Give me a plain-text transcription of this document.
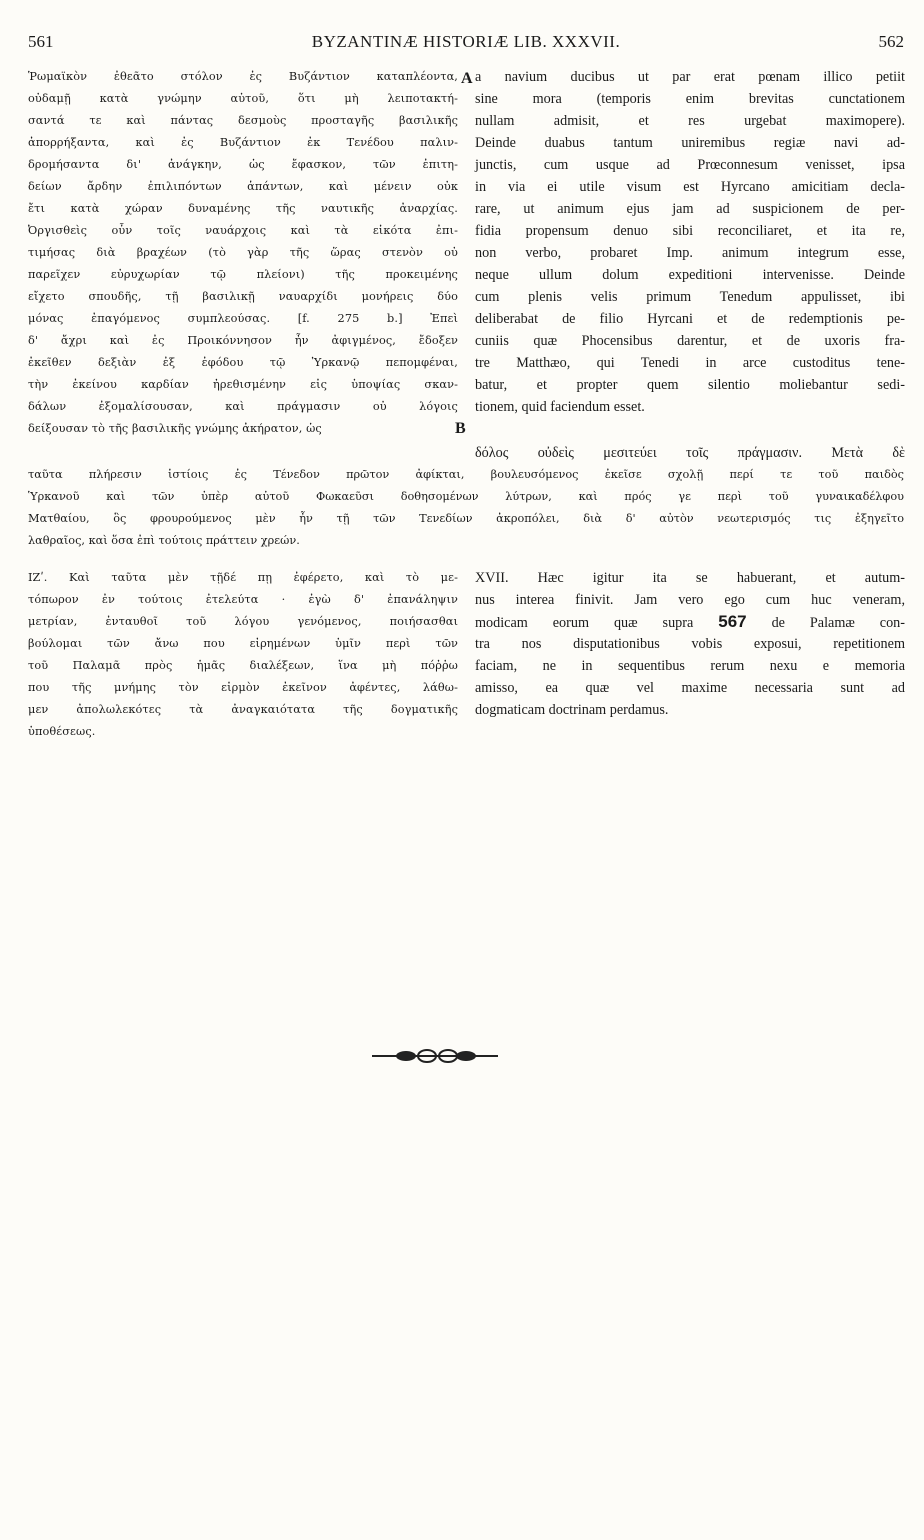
561	BYZANTINÆ HISTORIÆ LIB. XXXVII.	562
Ῥωμαϊκὸν ἐθεᾶτο στόλον ἐς Βυζάντιον καταπλέοντα,
οὐδαμῇ κατὰ γνώμην αὐτοῦ, ὅτι μὴ λειποτακτή-
σαντά τε καὶ πάντας δεσμοὺς προσταγῆς βασιλικῆς
ἀπορρήξαντα, καὶ ἐς Βυζάντιον ἐκ Τενέδου παλιν-
δρομήσαντα δι' ἀνάγκην, ὡς ἔφασκον, τῶν ἐπιτη-
δείων ἄρδην ἐπιλιπόντων ἁπάντων, καὶ μένειν οὐκ
ἔτι κατὰ χώραν δυναμένης τῆς ναυτικῆς ἀναρχίας.
Ὀργισθεὶς οὖν τοῖς ναυάρχοις καὶ τὰ εἰκότα ἐπι-
τιμήσας διὰ βραχέων (τὸ γὰρ τῆς ὥρας στενὸν οὐ
παρεῖχεν εὐρυχωρίαν τῷ πλείονι) τῆς προκειμένης
εἴχετο σπουδῆς, τῇ βασιλικῇ ναυαρχίδι μονήρεις δύο
μόνας ἐπαγόμενος συμπλεούσας. [f. 275 b.] Ἐπεὶ
δ' ἄχρι καὶ ἐς Προικόννησον ἦν ἀφιγμένος, ἔδοξεν
ἐκεῖθεν δεξιὰν ἐξ ἐφόδου τῷ Ὑρκανῷ πεπομφέναι,
τὴν ἐκείνου καρδίαν ἠρεθισμένην εἰς ὑποψίας σκαν-
δάλων ἐξομαλίσουσαν, καὶ πράγμασιν οὐ λόγοις
δείξουσαν τὸ τῆς βασιλικῆς γνώμης ἀκήρατον, ὡς
a navium ducibus ut par erat pœnam illico petiit
sine mora (temporis enim brevitas cunctationem
nullam admisit, et res urgebat maximopere).
Deinde duabus tantum uniremibus regiæ navi ad-
junctis, cum usque ad Prœconnesum venisset, ipsa
in via ei utile visum est Hyrcano amicitiam decla-
rare, ut animum ejus jam ad suspicionem de per-
fidia propensum denuo sibi reconciliaret, et ita re,
non verbo, probaret Imp. animum integrum esse,
neque ullum dolum expeditioni intervenisse. Deinde
cum plenis velis primum Tenedum appulisset, ibi
deliberabat de filio Hyrcani et de redemptionis pe-
cuniis quæ Phocensibus darentur, et de uxoris fra-
tre Matthæo, qui Tenedi in arce custoditus tene-
batur, et propter quem silentio moliebantur sedi-
tionem, quid faciendum esset.
ταῦτα πλήρεσιν ἱστίοις ἐς Τένεδον πρῶτον ἀφίκται, βουλευσόμενος ἐκεῖσε σχολῇ περί τε τοῦ παιδὸς
Ὑρκανοῦ καὶ τῶν ὑπὲρ αὐτοῦ Φωκαεῦσι δοθησομένων λύτρων, καὶ πρός γε περὶ τοῦ γυναικαδέλφου
Ματθαίου, ὃς φρουρούμενος μὲν ἦν τῇ τῶν Τενεδίων ἀκροπόλει, διὰ δ' αὐτὸν νεωτερισμός τις ἐξηγεῖτο
λαθραῖος, καὶ ὅσα ἐπὶ τούτοις πράττειν χρεών.
ΙΖʹ. Καὶ ταῦτα μὲν τῇδέ πῃ ἐφέρετο, καὶ τὸ με-
τόπωρον ἐν τούτοις ἐτελεύτα · ἐγὼ δ' ἐπανάληψιν
μετρίαν, ἐνταυθοῖ τοῦ λόγου γενόμενος, ποιήσασθαι
βούλομαι τῶν ἄνω που εἰρημένων ὑμῖν περὶ τῶν
τοῦ Παλαμᾶ πρὸς ἡμᾶς διαλέξεων, ἵνα μὴ πόῤῥω
που τῆς μνήμης τὸν εἱρμὸν ἐκεῖνον ἀφέντες, λάθω-
μεν ἀπολωλεκότες τὰ ἀναγκαιότατα τῆς δογματικῆς
ὑποθέσεως.
XVII. Hæc igitur ita se habuerant, et autum-
nus interea finivit. Jam vero ego cum huc veneram,
modicam eorum quæ supra 567 de Palamæ con-
tra nos disputationibus vobis exposui, repetitionem
faciam, ne in sequentibus rerum nexu e memoria
amisso, ea quæ vel maxime necessaria sunt ad
dogmaticam doctrinam perdamus.
A
B
δόλος οὐδεὶς μεσιτεύει τοῖς πράγμασιν. Μετὰ δὲ
